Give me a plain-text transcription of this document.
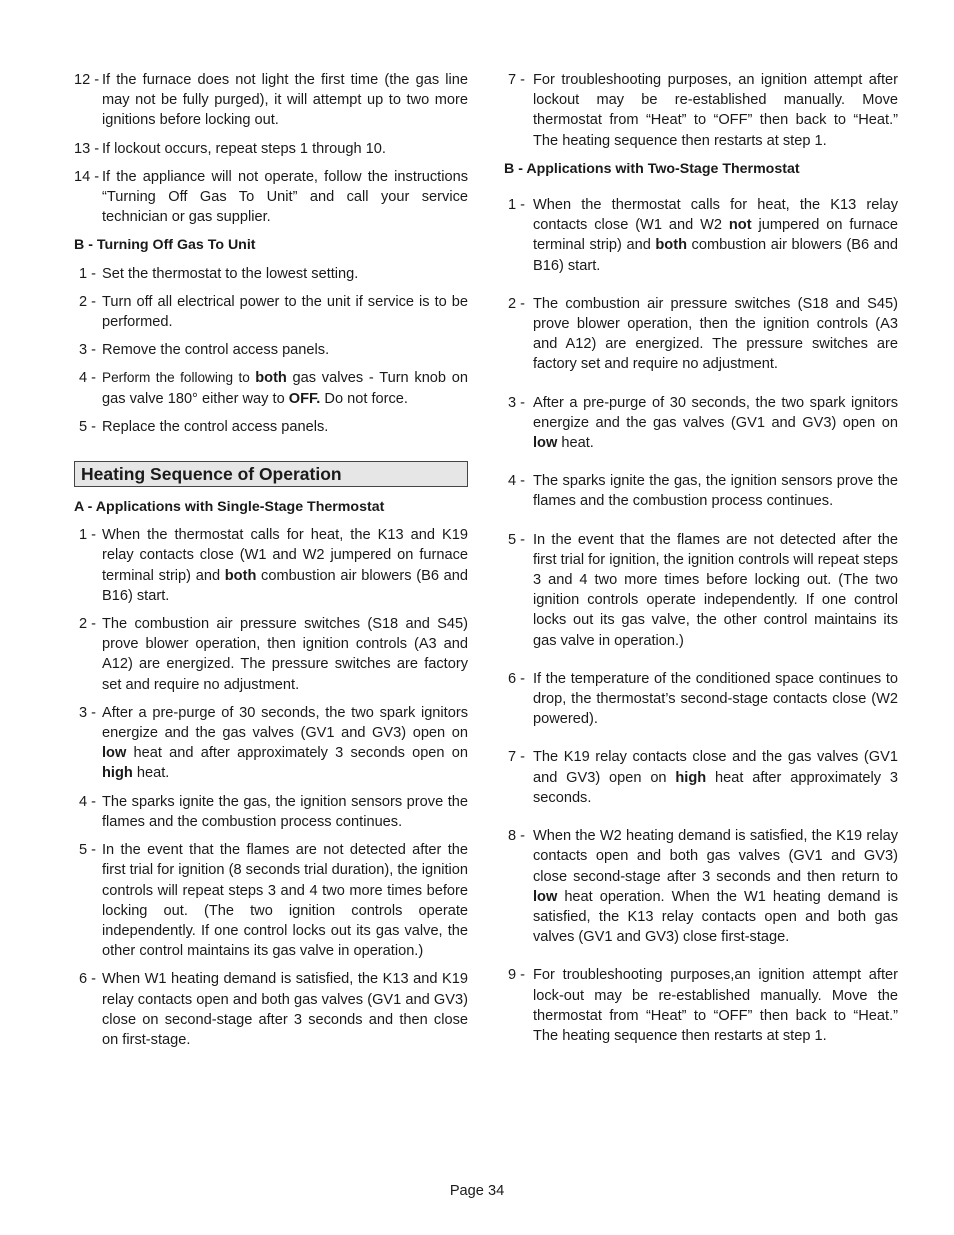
12 - If the furnace does not light the first time (the gas line may not be fully purged), it will attempt up to two more ignitions before locking out.
13 - If lockout occurs, repeat steps 1 through 10.
14 - If the appliance will not operate, follow the instructions “Turning Off Gas To Unit” and call your service technician or gas supplier.
B - Turning Off Gas To Unit
1 - Set the thermostat to the lowest setting.
2 - Turn off all electrical power to the unit if service is to be performed.
3 - Remove the control access panels.
4 - Perform the following to both gas valves - Turn knob on gas valve 180° either way to OFF. Do not force.
5 - Replace the control access panels.
Heating Sequence of Operation
A - Applications with Single-Stage Thermostat
1 - When the thermostat calls for heat, the K13 and K19 relay contacts close (W1 and W2 jumpered on furnace terminal strip) and both combustion air blowers (B6 and B16) start.
2 - The combustion air pressure switches (S18 and S45) prove blower operation, then ignition controls (A3 and A12) are energized. The pressure switches are factory set and require no adjustment.
3 - After a pre-purge of 30 seconds, the two spark ignitors energize and the gas valves (GV1 and GV3) open on low heat and after approximately 3 seconds open on high heat.
4 - The sparks ignite the gas, the ignition sensors prove the flames and the combustion process continues.
5 - In the event that the flames are not detected after the first trial for ignition (8 seconds trial duration), the ignition controls will repeat steps 3 and 4 two more times before locking out. (The two ignition controls operate independently. If one control locks out its gas valve, the other control maintains its gas valve in operation.)
6 - When W1 heating demand is satisfied, the K13 and K19 relay contacts open and both gas valves (GV1 and GV3) close on second-stage after 3 seconds and then close on first-stage.
7 - For troubleshooting purposes, an ignition attempt after lockout may be re-established manually. Move thermostat from “Heat” to “OFF” then back to “Heat.” The heating sequence then restarts at step 1.
B - Applications with Two-Stage Thermostat
1 - When the thermostat calls for heat, the K13 relay contacts close (W1 and W2 not jumpered on furnace terminal strip) and both combustion air blowers (B6 and B16) start.
2 - The combustion air pressure switches (S18 and S45) prove blower operation, then the ignition controls (A3 and A12) are energized. The pressure switches are factory set and require no adjustment.
3 - After a pre-purge of 30 seconds, the two spark ignitors energize and the gas valves (GV1 and GV3) open on low heat.
4 - The sparks ignite the gas, the ignition sensors prove the flames and the combustion process continues.
5 - In the event that the flames are not detected after the first trial for ignition, the ignition controls will repeat steps 3 and 4 two more times before locking out. (The two ignition controls operate independently. If one control locks out its gas valve, the other control maintains its gas valve in operation.)
6 - If the temperature of the conditioned space continues to drop, the thermostat’s second-stage contacts close (W2 powered).
7 - The K19 relay contacts close and the gas valves (GV1 and GV3) open on high heat after approximately 3 seconds.
8 - When the W2 heating demand is satisfied, the K19 relay contacts open and both gas valves (GV1 and GV3) close second-stage after 3 seconds and then return to low heat operation. When the W1 heating demand is satisfied, the K13 relay contacts open and both gas valves (GV1 and GV3) close first-stage.
9 - For troubleshooting purposes,an ignition attempt after lock-out may be re-established manually. Move the thermostat from “Heat” to “OFF” then back to “Heat.” The heating sequence then restarts at step 1.
Page 34
